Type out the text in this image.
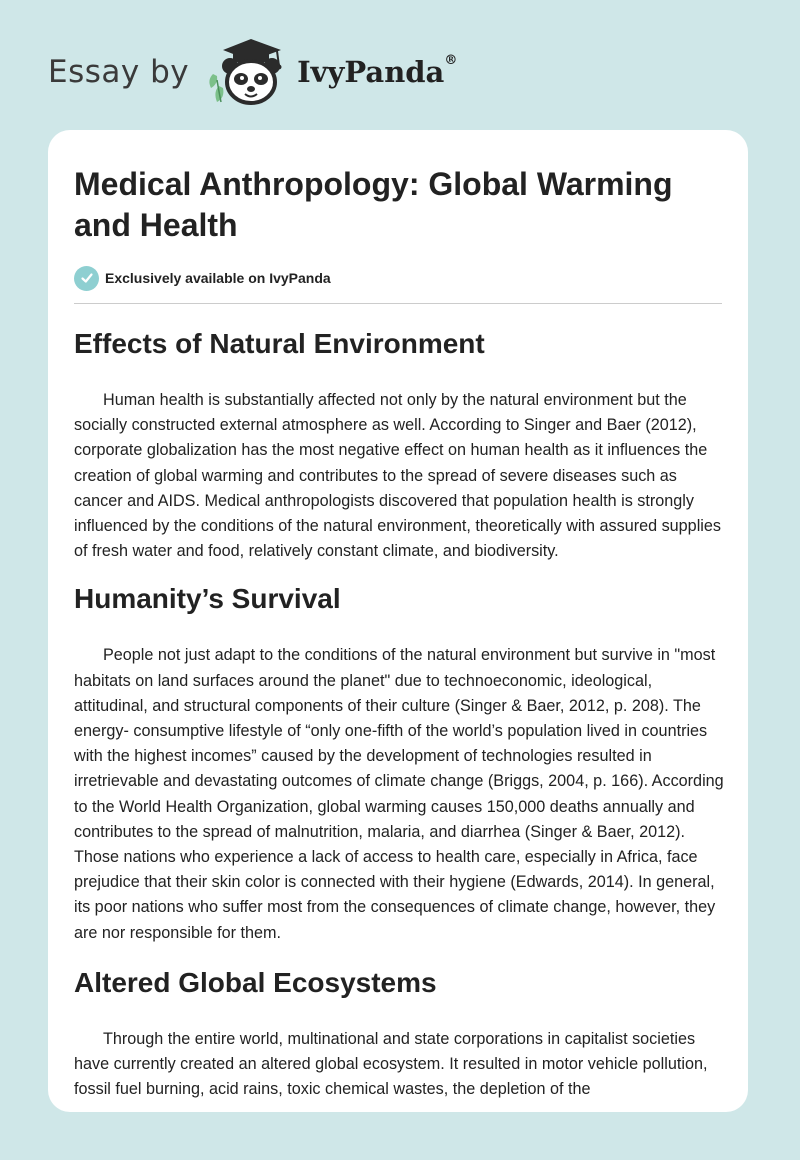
Essay by	IvyPanda®
Medical Anthropology: Global Warming and Health
Exclusively available on IvyPanda
Effects of Natural Environment

Human health is substantially affected not only by the natural environment but the socially constructed external atmosphere as well. According to Singer and Baer (2012), corporate globalization has the most negative effect on human health as it influences the creation of global warming and contributes to the spread of severe diseases such as cancer and AIDS. Medical anthropologists discovered that population health is strongly influenced by the conditions of the natural environment, theoretically with assured supplies of fresh water and food, relatively constant climate, and biodiversity.

Humanity’s Survival

People not just adapt to the conditions of the natural environment but survive in "most habitats on land surfaces around the planet" due to technoeconomic, ideological, attitudinal, and structural components of their culture (Singer & Baer, 2012, p. 208). The energy- consumptive lifestyle of “only one-fifth of the world’s population lived in countries with the highest incomes” caused by the development of technologies resulted in irretrievable and devastating outcomes of climate change (Briggs, 2004, p. 166). According to the World Health Organization, global warming causes 150,000 deaths annually and contributes to the spread of malnutrition, malaria, and diarrhea (Singer & Baer, 2012). Those nations who experience a lack of access to health care, especially in Africa, face prejudice that their skin color is connected with their hygiene (Edwards, 2014). In general, its poor nations who suffer most from the consequences of climate change, however, they are nor responsible for them.

Altered Global Ecosystems

Through the entire world, multinational and state corporations in capitalist societies have currently created an altered global ecosystem. It resulted in motor vehicle pollution, fossil fuel burning, acid rains, toxic chemical wastes, the depletion of the
